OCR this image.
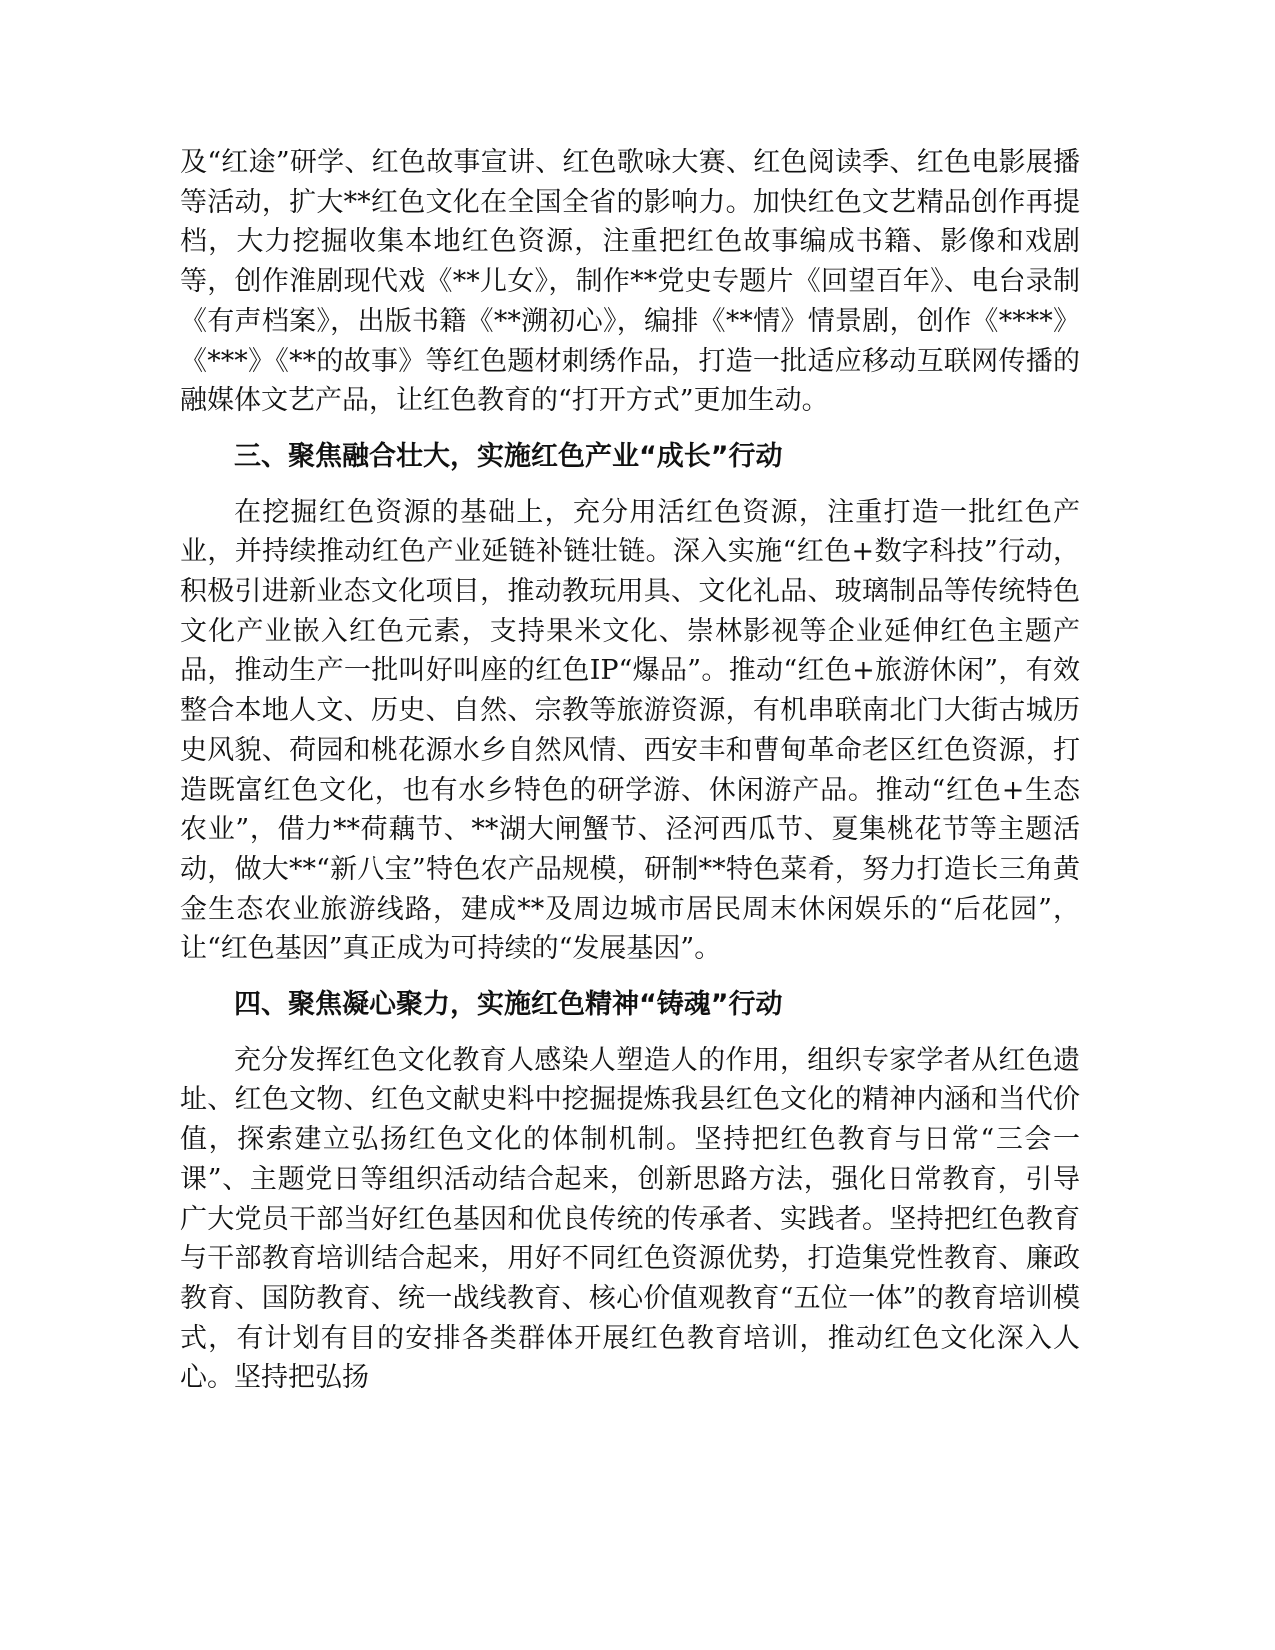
及“红途”研学、红色故事宣讲、红色歌咏大赛、红色阅读季、红色电影展播等活动，扩大**红色文化在全国全省的影响力。加快红色文艺精品创作再提档，大力挖掘收集本地红色资源，注重把红色故事编成书籍、影像和戏剧等，创作淮剧现代戏《**儿女》，制作**党史专题片《回望百年》、电台录制《有声档案》，出版书籍《**溯初心》，编排《**情》情景剧，创作《****》《***》《**的故事》等红色题材刺绣作品，打造一批适应移动互联网传播的融媒体文艺产品，让红色教育的“打开方式”更加生动。

三、聚焦融合壮大，实施红色产业“成长”行动

在挖掘红色资源的基础上，充分用活红色资源，注重打造一批红色产业，并持续推动红色产业延链补链壮链。深入实施“红色+数字科技”行动，积极引进新业态文化项目，推动教玩用具、文化礼品、玻璃制品等传统特色文化产业嵌入红色元素，支持果米文化、崇林影视等企业延伸红色主题产品，推动生产一批叫好叫座的红色IP“爆品”。推动“红色+旅游休闲”，有效整合本地人文、历史、自然、宗教等旅游资源，有机串联南北门大街古城历史风貌、荷园和桃花源水乡自然风情、西安丰和曹甸革命老区红色资源，打造既富红色文化，也有水乡特色的研学游、休闲游产品。推动“红色+生态农业”，借力**荷藕节、**湖大闸蟹节、泾河西瓜节、夏集桃花节等主题活动，做大**“新八宝”特色农产品规模，研制**特色菜肴，努力打造长三角黄金生态农业旅游线路，建成**及周边城市居民周末休闲娱乐的“后花园”，让“红色基因”真正成为可持续的“发展基因”。

四、聚焦凝心聚力，实施红色精神“铸魂”行动

充分发挥红色文化教育人感染人塑造人的作用，组织专家学者从红色遗址、红色文物、红色文献史料中挖掘提炼我县红色文化的精神内涵和当代价值，探索建立弘扬红色文化的体制机制。坚持把红色教育与日常“三会一课”、主题党日等组织活动结合起来，创新思路方法，强化日常教育，引导广大党员干部当好红色基因和优良传统的传承者、实践者。坚持把红色教育与干部教育培训结合起来，用好不同红色资源优势，打造集党性教育、廉政教育、国防教育、统一战线教育、核心价值观教育“五位一体”的教育培训模式，有计划有目的安排各类群体开展红色教育培训，推动红色文化深入人心。坚持把弘扬
